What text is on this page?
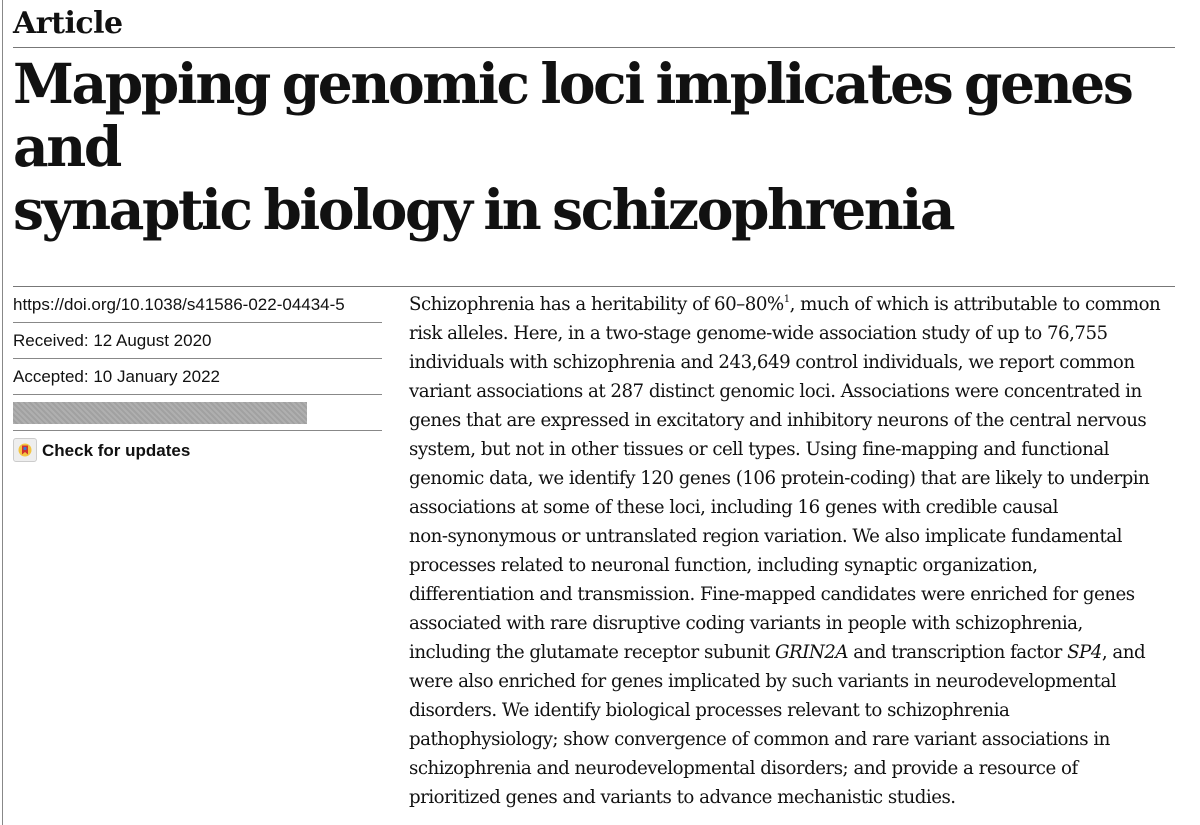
Article
Mapping genomic loci implicates genes and
synaptic biology in schizophrenia
https://doi.org/10.1038/s41586-022-04434-5
Received: 12 August 2020
Accepted: 10 January 2022
Check for updates
Schizophrenia has a heritability of 60–80%$^1$, much of which is attributable to common
risk alleles. Here, in a two-stage genome-wide association study of up to 76,755
individuals with schizophrenia and 243,649 control individuals, we report common
variant associations at 287 distinct genomic loci. Associations were concentrated in
genes that are expressed in excitatory and inhibitory neurons of the central nervous
system, but not in other tissues or cell types. Using fine-mapping and functional
genomic data, we identify 120 genes (106 protein-coding) that are likely to underpin
associations at some of these loci, including 16 genes with credible causal
non-synonymous or untranslated region variation. We also implicate fundamental
processes related to neuronal function, including synaptic organization,
differentiation and transmission. Fine-mapped candidates were enriched for genes
associated with rare disruptive coding variants in people with schizophrenia,
including the glutamate receptor subunit GRIN2A and transcription factor SP4, and
were also enriched for genes implicated by such variants in neurodevelopmental
disorders. We identify biological processes relevant to schizophrenia
pathophysiology; show convergence of common and rare variant associations in
schizophrenia and neurodevelopmental disorders; and provide a resource of
prioritized genes and variants to advance mechanistic studies.
